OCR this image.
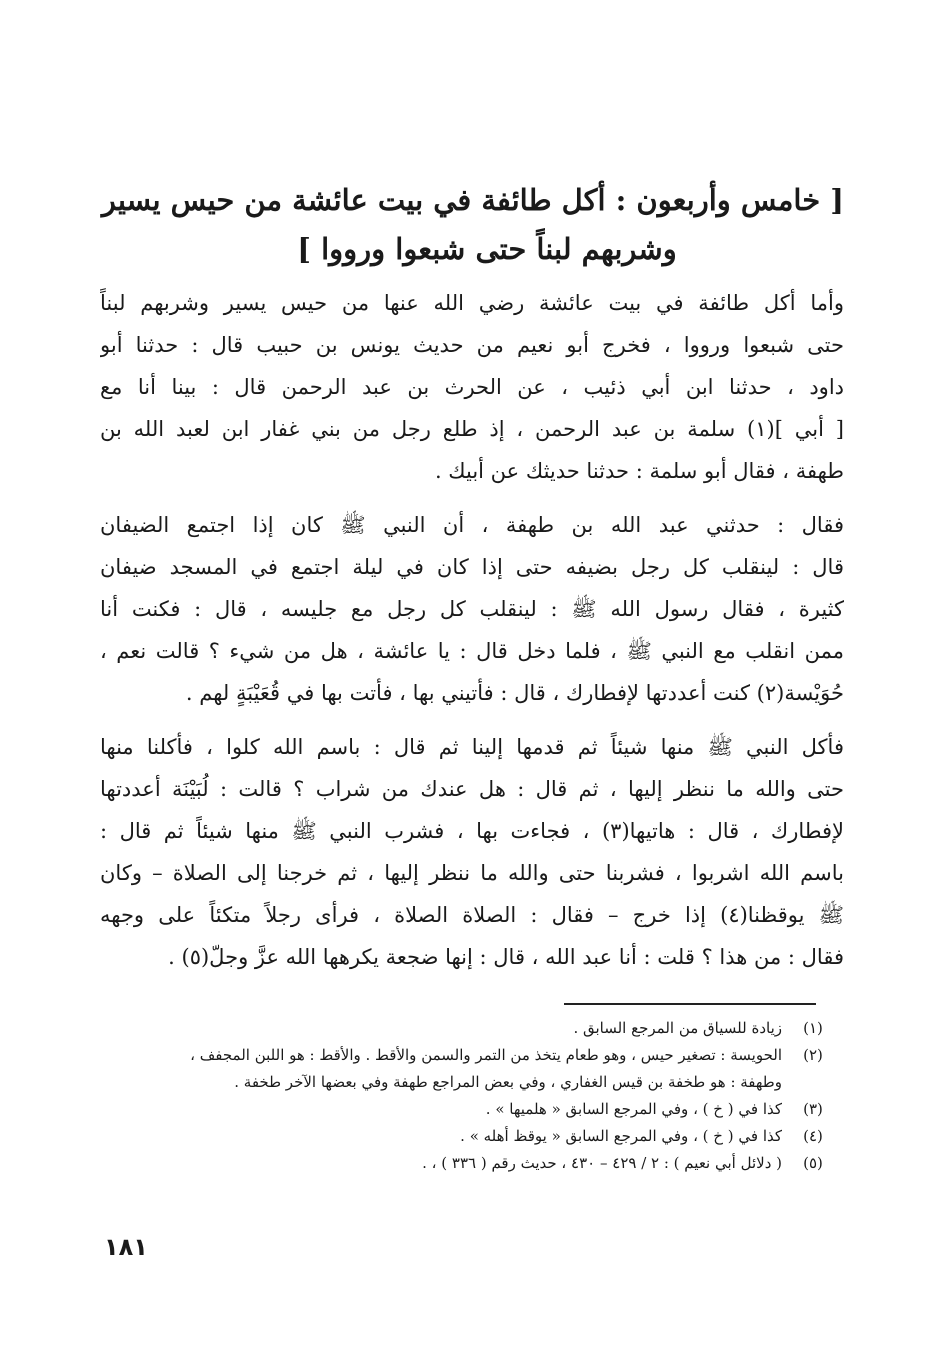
[ خامس وأربعون : أكل طائفة في بيت عائشة من حيس يسير
وشربهم لبناً حتى شبعوا ورووا ]
وأما أكل طائفة في بيت عائشة رضي الله عنها من حيس يسير وشربهم لبناً
حتى شبعوا ورووا ، فخرج أبو نعيم من حديث يونس بن حبيب قال : حدثنا أبو
داود ، حدثنا ابن أبي ذئيب ، عن الحرث بن عبد الرحمن قال : بينا أنا مع
[ أبي ](١) سلمة بن عبد الرحمن ، إذ طلع رجل من بني غفار ابن لعبد الله بن
طهفة ، فقال أبو سلمة : حدثنا حديثك عن أبيك .
فقال : حدثني عبد الله بن طهفة ، أن النبي ﷺ كان إذا اجتمع الضيفان
قال : لينقلب كل رجل بضيفه حتى إذا كان في ليلة اجتمع في المسجد ضيفان
كثيرة ، فقال رسول الله ﷺ : لينقلب كل رجل مع جليسه ، قال : فكنت أنا
ممن انقلب مع النبي ﷺ ، فلما دخل قال : يا عائشة ، هل من شيء ؟ قالت نعم ،
حُوَيْسة(٢) كنت أعددتها لإفطارك ، قال : فأتيني بها ، فأتت بها في قُعَيْبَةٍ لهم .
فأكل النبي ﷺ منها شيئاً ثم قدمها إلينا ثم قال : باسم الله كلوا ، فأكلنا منها
حتى والله ما ننظر إليها ، ثم قال : هل عندك من شراب ؟ قالت : لُبَيْنَة أعددتها
لإفطارك ، قال : هاتيها(٣) ، فجاءت بها ، فشرب النبي ﷺ منها شيئاً ثم قال :
باسم الله اشربوا ، فشربنا حتى والله ما ننظر إليها ، ثم خرجنا إلى الصلاة – وكان
ﷺ يوقظنا(٤) إذا خرج – فقال : الصلاة الصلاة ، فرأى رجلاً متكئاً على وجهه
فقال : من هذا ؟ قلت : أنا عبد الله ، قال : إنها ضجعة يكرهها الله عزَّ وجلّ(٥) .
(١)
زيادة للسياق من المرجع السابق .
(٢)
الحويسة : تصغير حيس ، وهو طعام يتخذ من التمر والسمن والأقط . والأقط : هو اللبن المجفف ،
وطهفة : هو طخفة بن قيس الغفاري ، وفي بعض المراجع طهفة وفي بعضها الآخر طخفة .
(٣)
كذا في ( خ ) ، وفي المرجع السابق « هلميها » .
(٤)
كذا في ( خ ) ، وفي المرجع السابق « يوقظ أهله » .
(٥)
( دلائل أبي نعيم ) : ٢ / ٤٢٩ – ٤٣٠ ، حديث رقم ( ٣٣٦ ) ، .
١٨١
